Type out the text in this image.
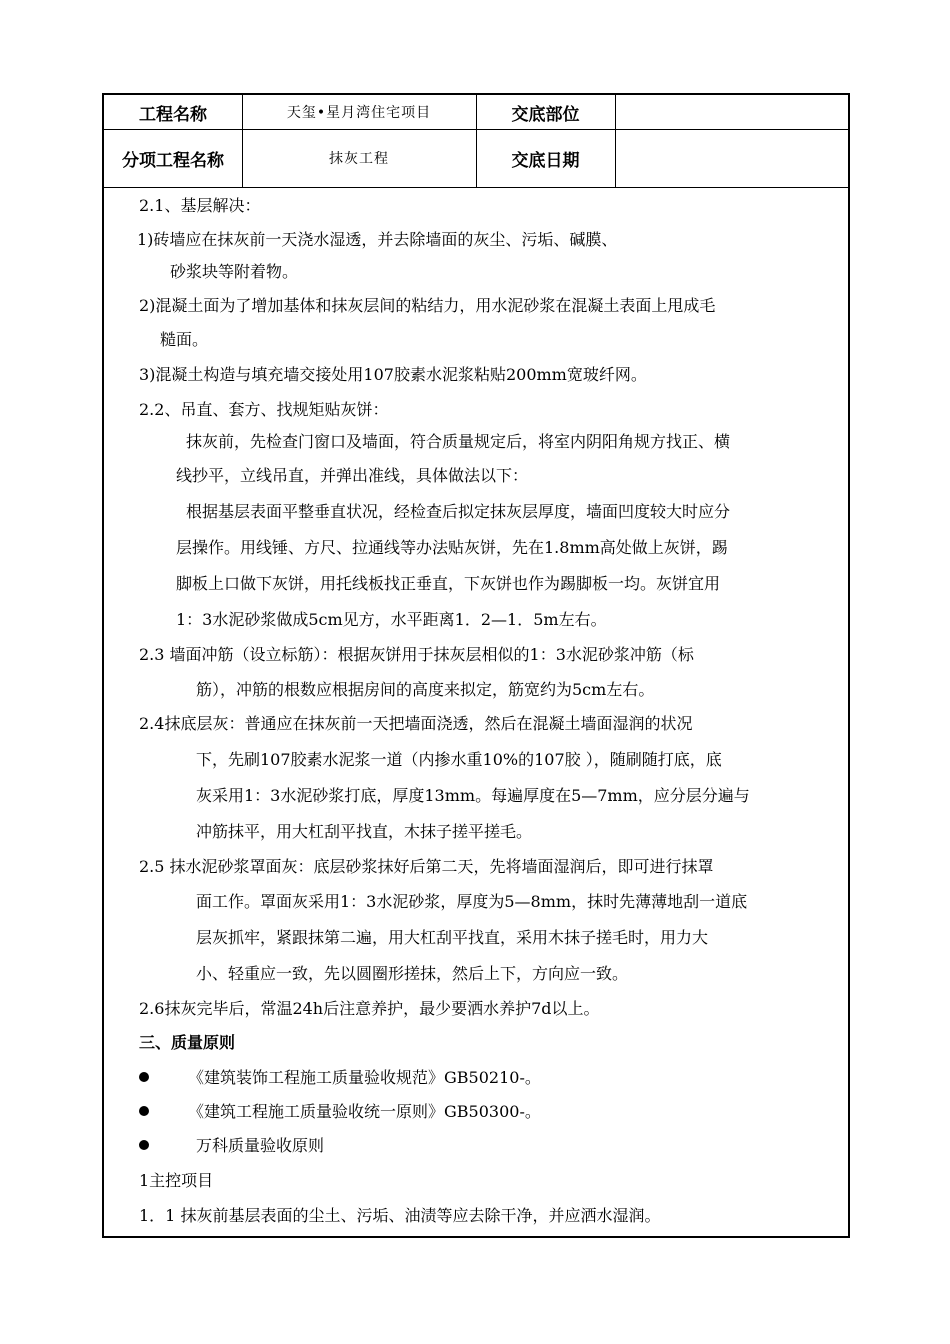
工程名称	天玺•星月湾住宅项目	交底部位
分项工程名称	抹灰工程	交底日期
2.1、基层解决：
1)砖墙应在抹灰前一天浇水湿透，并去除墙面的灰尘、污垢、碱膜、
砂浆块等附着物。
2)混凝土面为了增加基体和抹灰层间的粘结力，用水泥砂浆在混凝土表面上甩成毛
糙面。
3)混凝土构造与填充墙交接处用107胶素水泥浆粘贴200mm宽玻纤网。
2.2、吊直、套方、找规矩贴灰饼：
抹灰前，先检查门窗口及墙面，符合质量规定后，将室内阴阳角规方找正、横
线抄平，立线吊直，并弹出准线，具体做法以下：
根据基层表面平整垂直状况，经检查后拟定抹灰层厚度，墙面凹度较大时应分
层操作。用线锤、方尺、拉通线等办法贴灰饼，先在1.8mm高处做上灰饼，踢
脚板上口做下灰饼，用托线板找正垂直，下灰饼也作为踢脚板一均。灰饼宜用
1：3水泥砂浆做成5cm见方，水平距离1．2—1．5m左右。
2.3 墙面冲筋（设立标筋）：根据灰饼用于抹灰层相似的1：3水泥砂浆冲筋（标
筋），冲筋的根数应根据房间的高度来拟定，筋宽约为5cm左右。
2.4抹底层灰：普通应在抹灰前一天把墙面浇透，然后在混凝土墙面湿润的状况
下，先刷107胶素水泥浆一道（内掺水重10%的107胶 ），随刷随打底，底
灰采用1：3水泥砂浆打底，厚度13mm。每遍厚度在5—7mm，应分层分遍与
冲筋抹平，用大杠刮平找直，木抹子搓平搓毛。
2.5 抹水泥砂浆罩面灰：底层砂浆抹好后第二天，先将墙面湿润后，即可进行抹罩
面工作。罩面灰采用1：3水泥砂浆，厚度为5—8mm，抹时先薄薄地刮一道底
层灰抓牢，紧跟抹第二遍，用大杠刮平找直，采用木抹子搓毛时，用力大
小、轻重应一致，先以圆圈形搓抹，然后上下，方向应一致。
2.6抹灰完毕后，常温24h后注意养护，最少要洒水养护7d以上。
三、质量原则
《建筑装饰工程施工质量验收规范》GB50210-。
《建筑工程施工质量验收统一原则》GB50300-。
万科质量验收原则
1主控项目
1．1 抹灰前基层表面的尘土、污垢、油渍等应去除干净，并应洒水湿润。
